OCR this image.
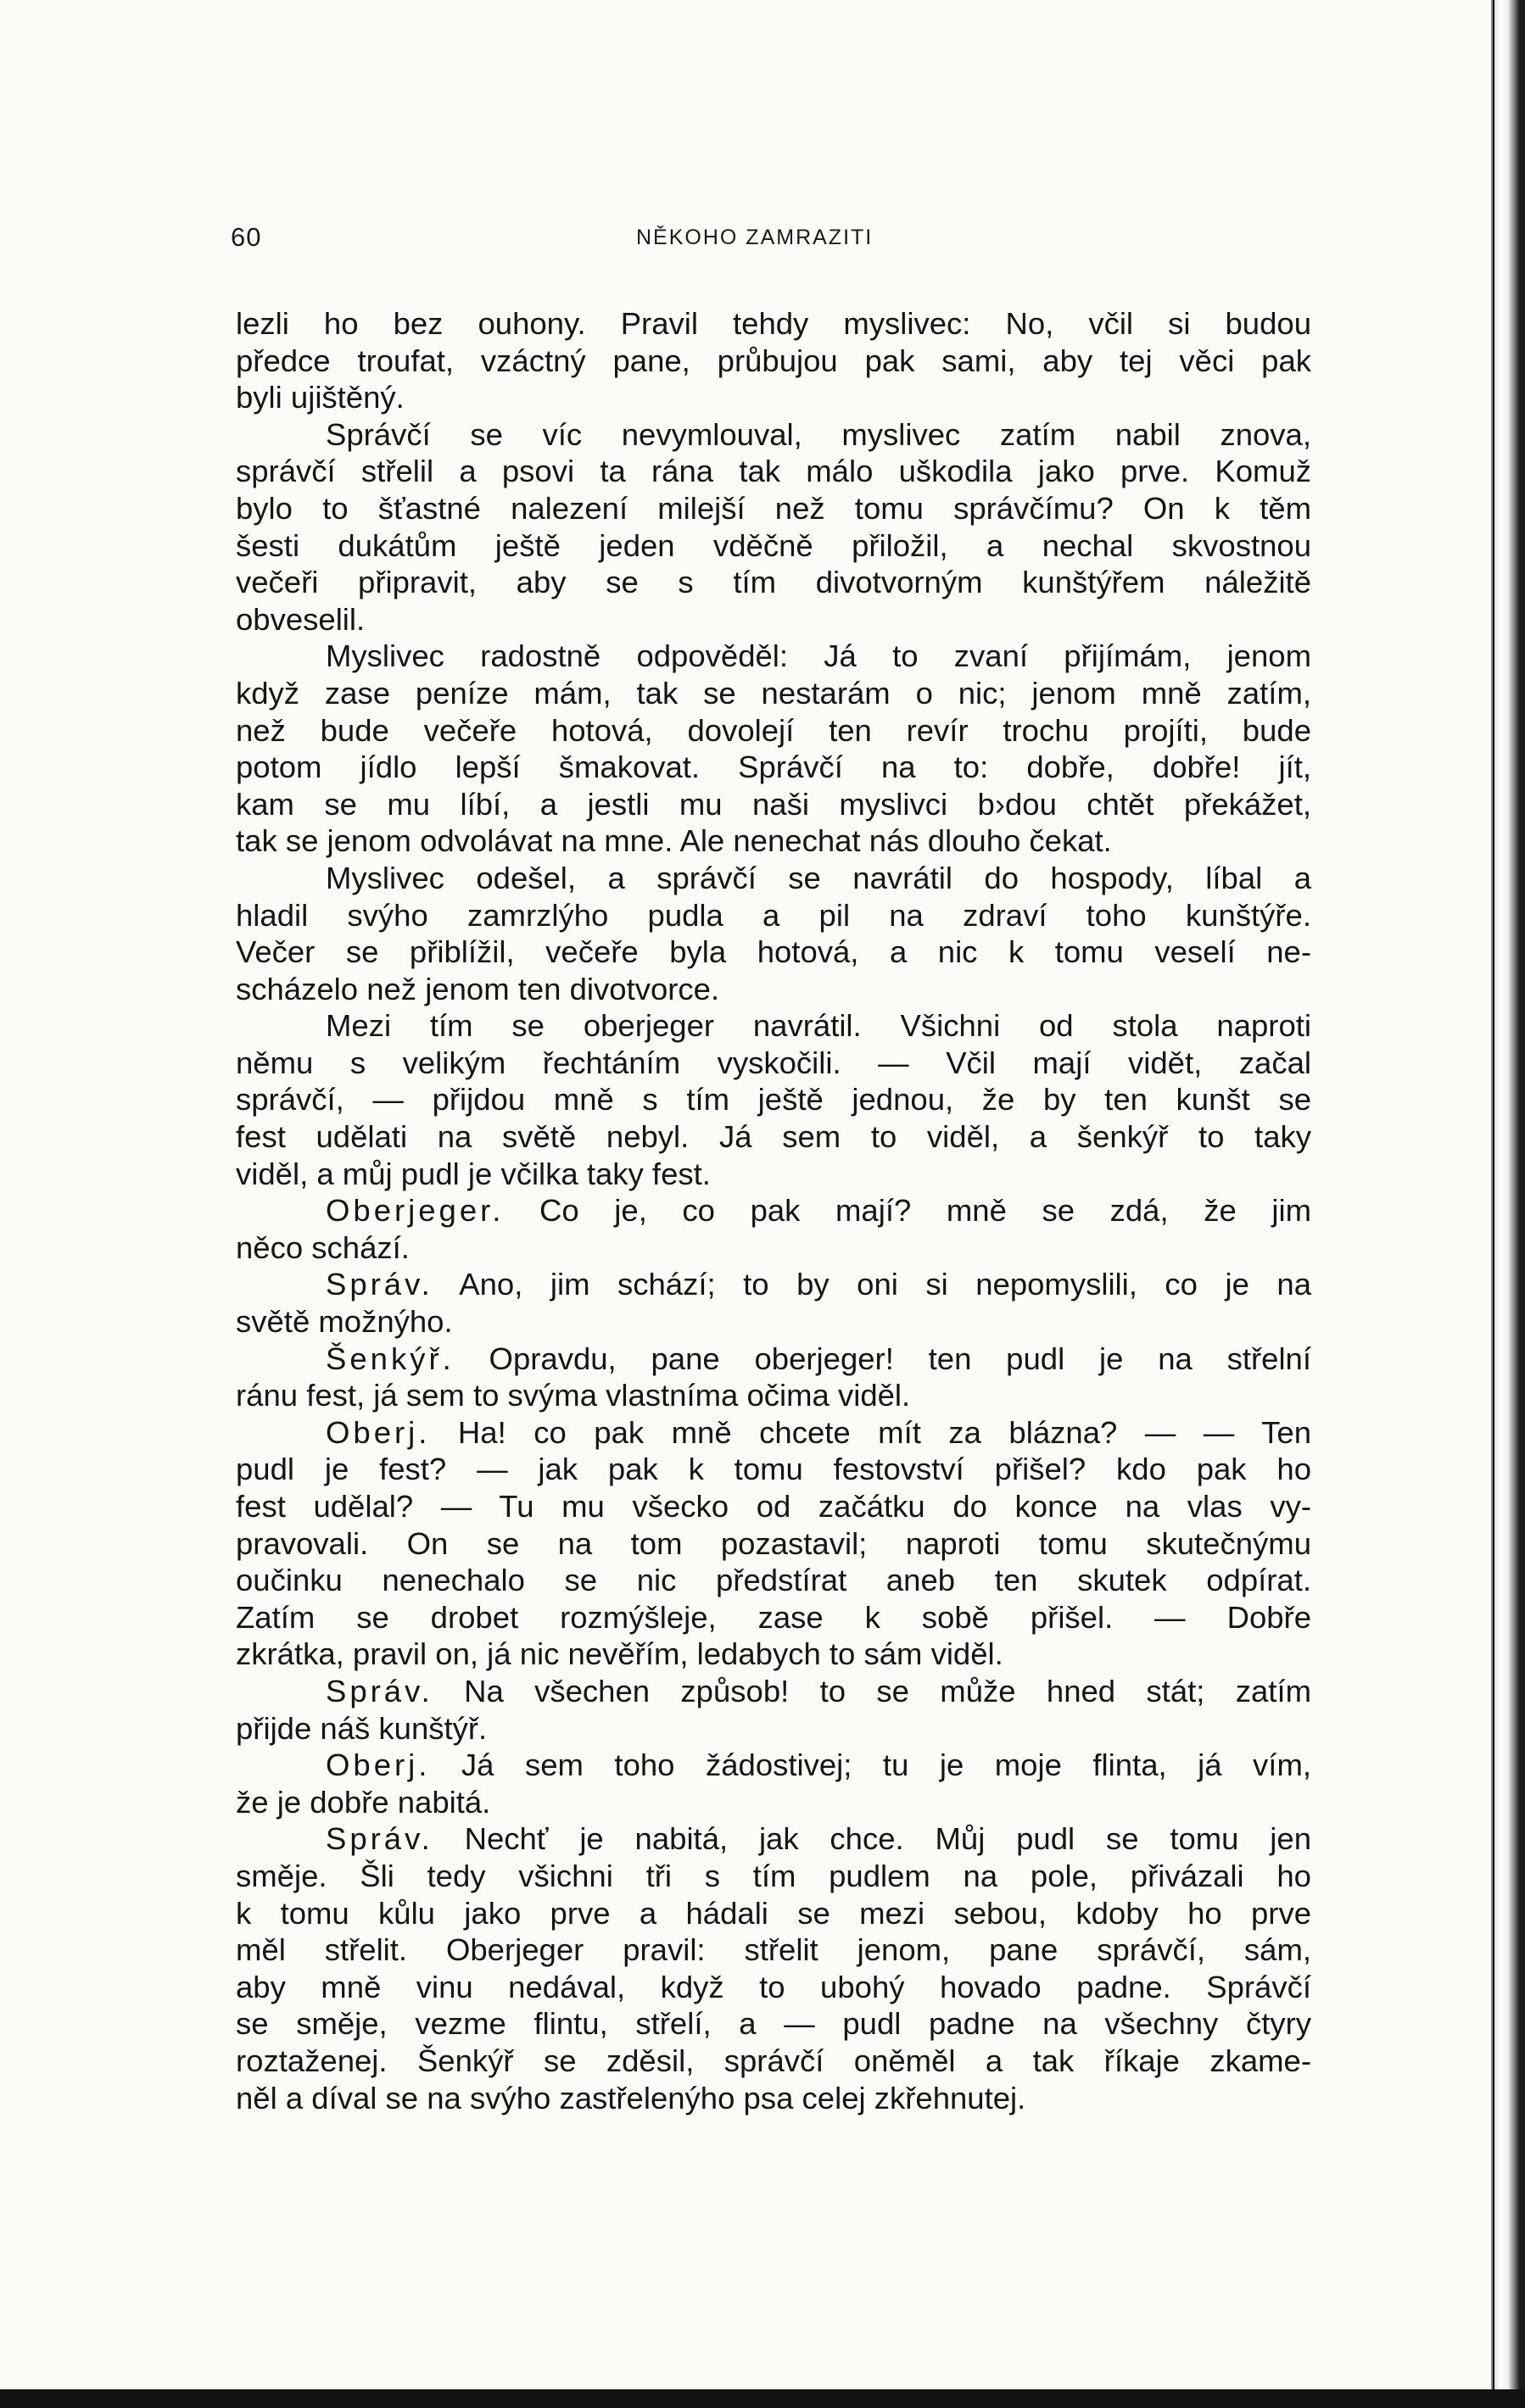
60	NĚKOHO ZAMRAZITI
lezli ho bez ouhony. Pravil tehdy myslivec: No, včil si budou
předce troufat, vzáctný pane, průbujou pak sami, aby tej věci pak
byli ujištěný.
Správčí se víc nevymlouval, myslivec zatím nabil znova,
správčí střelil a psovi ta rána tak málo uškodila jako prve. Komuž
bylo to šťastné nalezení milejší než tomu správčímu? On k těm
šesti dukátům ještě jeden vděčně přiložil, a nechal skvostnou
večeři připravit, aby se s tím divotvorným kunštýřem náležitě
obveselil.
Myslivec radostně odpověděl: Já to zvaní přijímám, jenom
když zase peníze mám, tak se nestarám o nic; jenom mně zatím,
než bude večeře hotová, dovolejí ten revír trochu projíti, bude
potom jídlo lepší šmakovat. Správčí na to: dobře, dobře! jít,
kam se mu líbí, a jestli mu naši myslivci b›dou chtět překážet,
tak se jenom odvolávat na mne. Ale nenechat nás dlouho čekat.
Myslivec odešel, a správčí se navrátil do hospody, líbal a
hladil svýho zamrzlýho pudla a pil na zdraví toho kunštýře.
Večer se přiblížil, večeře byla hotová, a nic k tomu veselí ne-
scházelo než jenom ten divotvorce.
Mezi tím se oberjeger navrátil. Všichni od stola naproti
němu s velikým řechtáním vyskočili. — Včil mají vidět, začal
správčí, — přijdou mně s tím ještě jednou, že by ten kunšt se
fest udělati na světě nebyl. Já sem to viděl, a šenkýř to taky
viděl, a můj pudl je včilka taky fest.
Oberjeger. Co je, co pak mají? mně se zdá, že jim
něco schází.
Správ. Ano, jim schází; to by oni si nepomyslili, co je na
světě možnýho.
Šenkýř. Opravdu, pane oberjeger! ten pudl je na střelní
ránu fest, já sem to svýma vlastníma očima viděl.
Oberj. Ha! co pak mně chcete mít za blázna? — — Ten
pudl je fest? — jak pak k tomu festovství přišel? kdo pak ho
fest udělal? — Tu mu všecko od začátku do konce na vlas vy-
pravovali. On se na tom pozastavil; naproti tomu skutečnýmu
oučinku nenechalo se nic předstírat aneb ten skutek odpírat.
Zatím se drobet rozmýšleje, zase k sobě přišel. — Dobře
zkrátka, pravil on, já nic nevěřím, ledabych to sám viděl.
Správ. Na všechen způsob! to se může hned stát; zatím
přijde náš kunštýř.
Oberj. Já sem toho žádostivej; tu je moje flinta, já vím,
že je dobře nabitá.
Správ. Nechť je nabitá, jak chce. Můj pudl se tomu jen
směje. Šli tedy všichni tři s tím pudlem na pole, přivázali ho
k tomu kůlu jako prve a hádali se mezi sebou, kdoby ho prve
měl střelit. Oberjeger pravil: střelit jenom, pane správčí, sám,
aby mně vinu nedával, když to ubohý hovado padne. Správčí
se směje, vezme flintu, střelí, a — pudl padne na všechny čtyry
roztaženej. Šenkýř se zděsil, správčí oněměl a tak říkaje zkame-
něl a díval se na svýho zastřelenýho psa celej zkřehnutej.
